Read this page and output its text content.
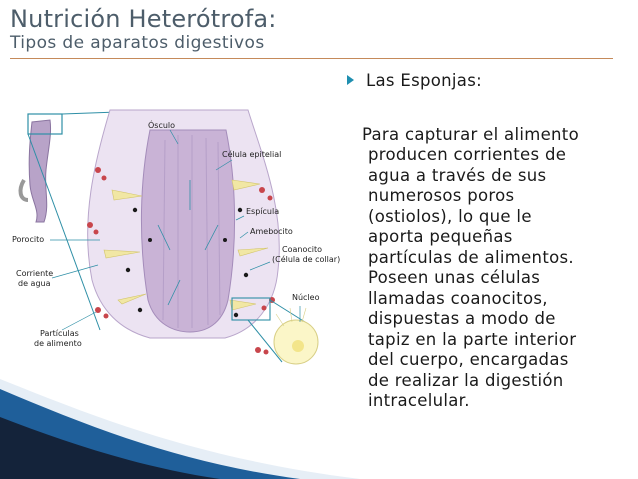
Nutrición Heterótrofa:
Tipos de aparatos digestivos
Ósculo
Célula epitelial
Espícula
Amebocito
Coanocito
(Célula de collar)
Núcleo
Porocito
Corriente
de agua
Partículas
de alimento
Las Esponjas:
Para capturar el alimento
producen corrientes de
agua a través de sus
numerosos poros
(ostiolos), lo que le
aporta pequeñas
partículas de alimentos.
Poseen unas células
llamadas coanocitos,
dispuestas a modo de
tapiz en la parte interior
del cuerpo, encargadas
de realizar la digestión
intracelular.
